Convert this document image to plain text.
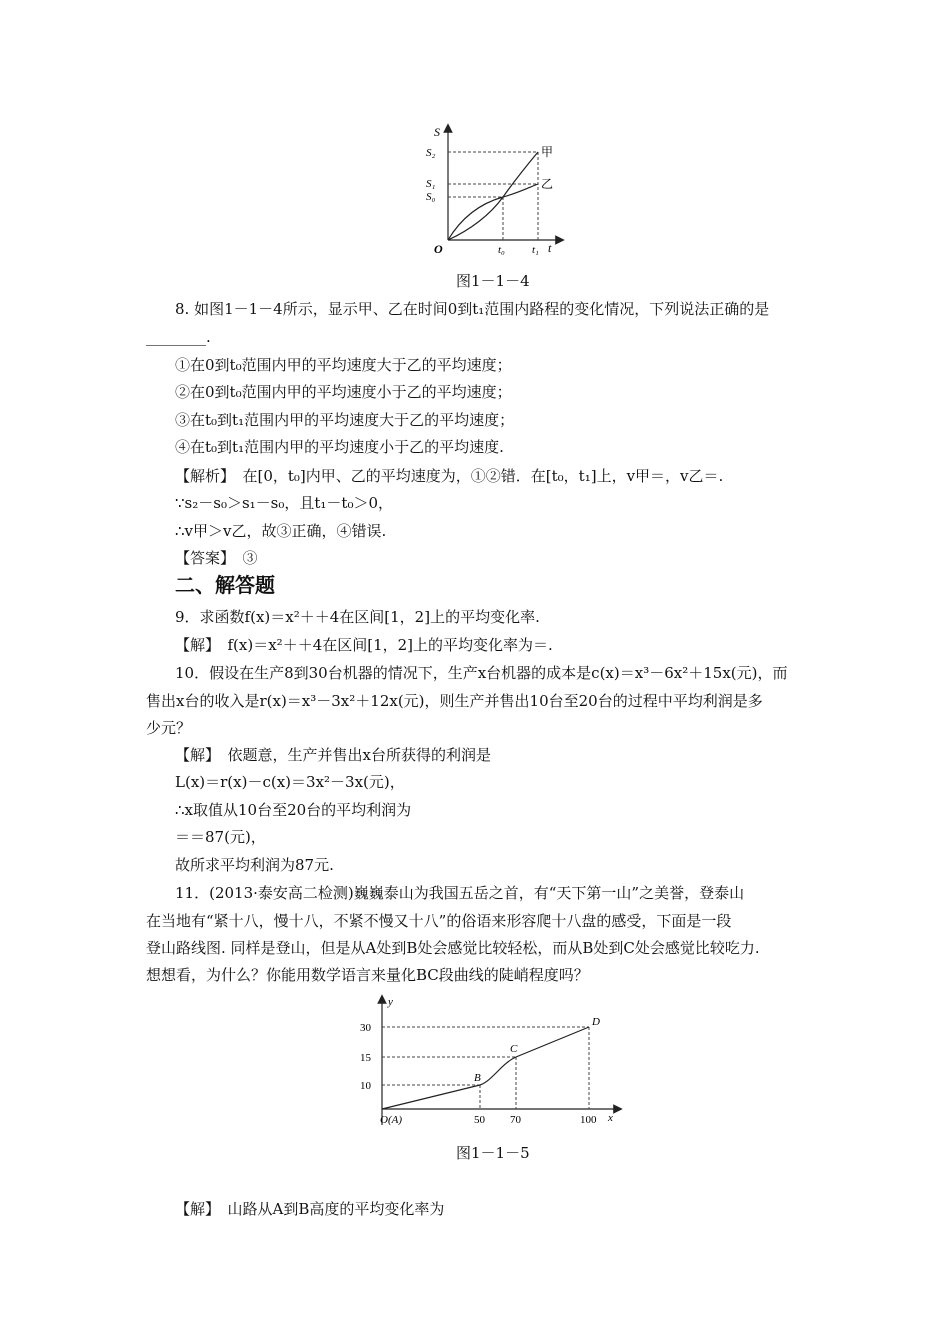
S
t
O
S₂
S₁
S₀
t₀ t₁
甲
乙
图1－1－4
8. 如图1－1－4所示，显示甲、乙在时间0到t₁范围内路程的变化情况，下列说法正确的是
________.
①在0到t₀范围内甲的平均速度大于乙的平均速度；
②在0到t₀范围内甲的平均速度小于乙的平均速度；
③在t₀到t₁范围内甲的平均速度大于乙的平均速度；
④在t₀到t₁范围内甲的平均速度小于乙的平均速度.
【解析】　在[0，t₀]内甲、乙的平均速度为，①②错．在[t₀，t₁]上，v甲＝，v乙＝.
∵s₂－s₀＞s₁－s₀，且t₁－t₀＞0，
∴v甲＞v乙，故③正确，④错误.
【答案】　③
二、解答题
9．求函数f(x)＝x²＋＋4在区间[1，2]上的平均变化率.
【解】　f(x)＝x²＋＋4在区间[1，2]上的平均变化率为＝.
10．假设在生产8到30台机器的情况下，生产x台机器的成本是c(x)＝x³－6x²＋15x(元)，而
售出x台的收入是r(x)＝x³－3x²＋12x(元)，则生产并售出10台至20台的过程中平均利润是多
少元？
【解】　依题意，生产并售出x台所获得的利润是
L(x)＝r(x)－c(x)＝3x²－3x(元)，
∴x取值从10台至20台的平均利润为
＝＝87(元)，
故所求平均利润为87元.
11．(2013·泰安高二检测)巍巍泰山为我国五岳之首，有“天下第一山”之美誉，登泰山
在当地有“紧十八，慢十八，不紧不慢又十八”的俗语来形容爬十八盘的感受，下面是一段
登山路线图. 同样是登山，但是从A处到B处会感觉比较轻松，而从B处到C处会感觉比较吃力.
想想看，为什么？你能用数学语言来量化BC段曲线的陡峭程度吗？
y
x
O(A)
B
C
D
30
15
10
50 70	100
图1－1－5
【解】　山路从A到B高度的平均变化率为
